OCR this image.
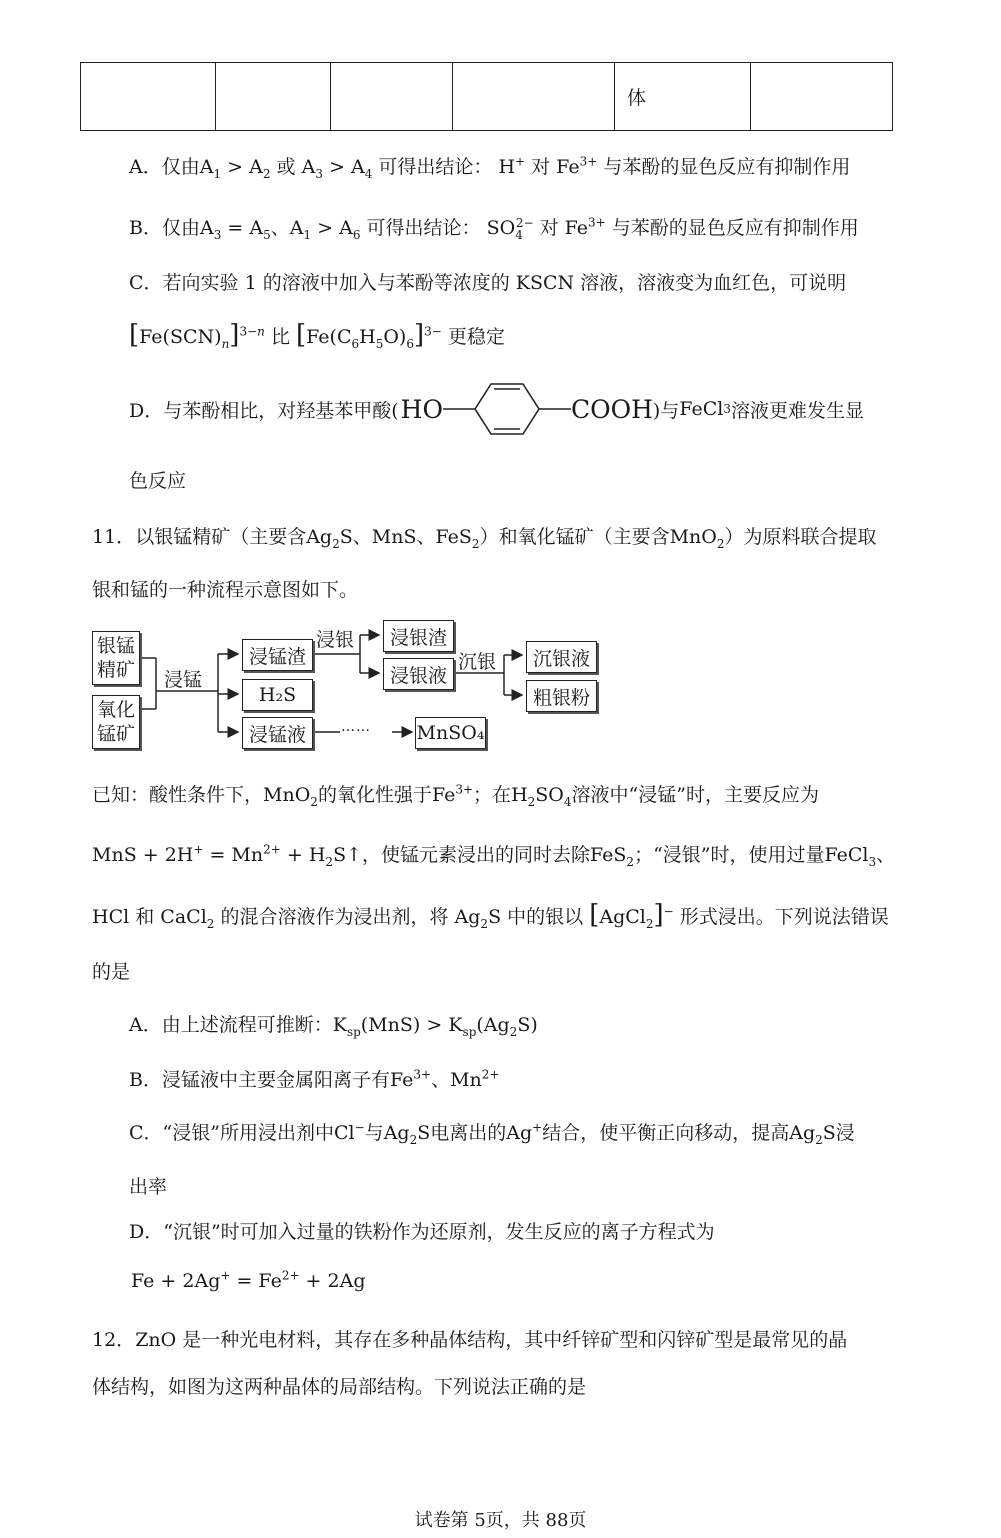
				体	
A．仅由$A_1 > A_2$ 或 $A_3 > A_4$ 可得出结论： H+ 对 $Fe^{3+}$ 与苯酚的显色反应有抑制作用
B．仅由$A_3 = A_5$、$A_1 > A_6$ 可得出结论： $SO_4^{2-}$ 对 $Fe^{3+}$ 与苯酚的显色反应有抑制作用
C．若向实验 1 的溶液中加入与苯酚等浓度的 KSCN 溶液，溶液变为血红色，可说明
$[Fe(SCN)_n]^{3-n}$ 比 $[Fe(C_6H_5O)_6]^{3-}$ 更稳定
D． 与苯酚相比，对羟基苯甲酸( HO	COOH )与 FeCl 3 溶液更难发生显
色反应
11．以银锰精矿（主要含$Ag_2S$、MnS、FeS$_2$）和氧化锰矿（主要含MnO$_2$）为原料联合提取
银和锰的一种流程示意图如下。
银锰精矿
氧化锰矿
浸锰
浸锰渣
H₂S
浸锰液
浸银	浸银渣
浸银液
沉银	沉银液
粗银粉
…… MnSO₄
已知：酸性条件下，MnO$_2$的氧化性强于$Fe^{3+}$；在$H_2SO_4$溶液中“浸锰”时，主要反应为
MnS + $2H^+ = Mn^{2+}$ + $H_2S↑$，使锰元素浸出的同时去除FeS$_2$；“浸银”时，使用过量FeCl$_3$、
HCl 和 CaCl$_2$ 的混合溶液作为浸出剂，将 $Ag_2S$ 中的银以 [AgCl$_2$]− 形式浸出。下列说法错误
的是
A．由上述流程可推断：$K_{sp}(MnS) > K_{sp}(Ag_2S)$
B．浸锰液中主要金属阳离子有$Fe^{3+}$、$Mn^{2+}$
C．“浸银”所用浸出剂中Cl−与$Ag_2S$电离出的Ag+结合，使平衡正向移动，提高$Ag_2S$浸
出率
D．“沉银”时可加入过量的铁粉作为还原剂，发生反应的离子方程式为
$Fe + 2Ag^+ = Fe^{2+} + 2Ag$
12．ZnO 是一种光电材料，其存在多种晶体结构，其中纤锌矿型和闪锌矿型是最常见的晶
体结构，如图为这两种晶体的局部结构。下列说法正确的是
试卷第 5页，共 88页
